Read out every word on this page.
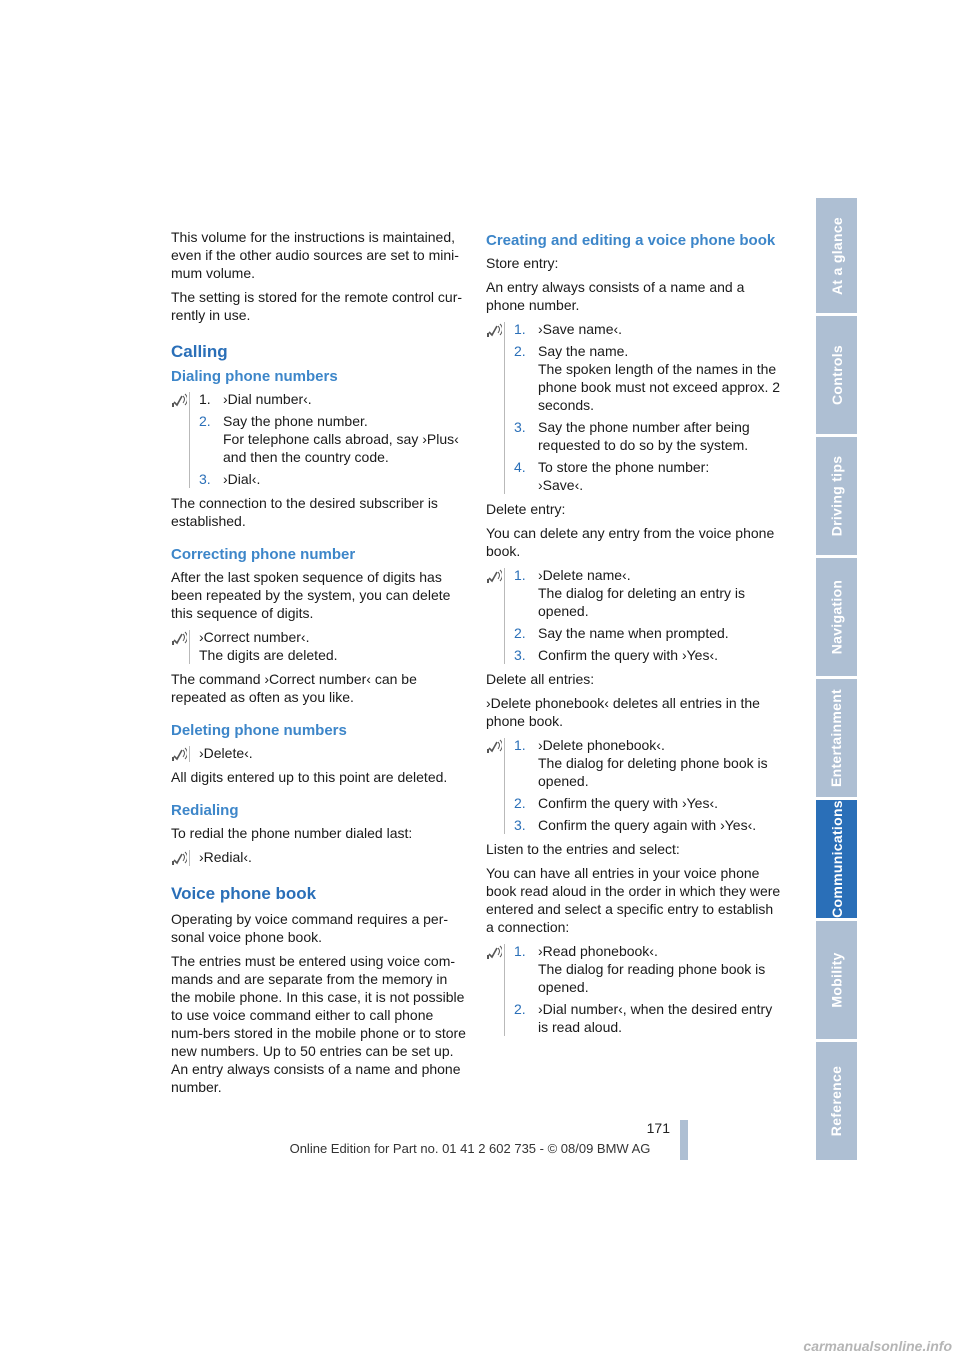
This volume for the instructions is maintained, even if the other audio sources are set to mini-mum volume.

The setting is stored for the remote control cur-rently in use.

Calling
Dialing phone numbers
1. ›Dial number‹.
2. Say the phone number.
For telephone calls abroad, say ›Plus‹ and then the country code.
3. ›Dial‹.

The connection to the desired subscriber is established.

Correcting phone number

After the last spoken sequence of digits has been repeated by the system, you can delete this sequence of digits.

›Correct number‹.
The digits are deleted.

The command ›Correct number‹ can be repeated as often as you like.

Deleting phone numbers
›Delete‹.

All digits entered up to this point are deleted.

Redialing

To redial the phone number dialed last:

›Redial‹.
Voice phone book

Operating by voice command requires a per-sonal voice phone book.

The entries must be entered using voice com-mands and are separate from the memory in the mobile phone. In this case, it is not possible to use voice command either to call phone num-bers stored in the mobile phone or to store new numbers. Up to 50 entries can be set up. An entry always consists of a name and phone number.

Creating and editing a voice phone book

Store entry:

An entry always consists of a name and a phone number.

1. ›Save name‹.
2. Say the name.
The spoken length of the names in the phone book must not exceed approx. 2 seconds.
3. Say the phone number after being requested to do so by the system.
4. To store the phone number:
›Save‹.

Delete entry:

You can delete any entry from the voice phone book.

1. ›Delete name‹.
The dialog for deleting an entry is opened.
2. Say the name when prompted.
3. Confirm the query with ›Yes‹.

Delete all entries:

›Delete phonebook‹ deletes all entries in the phone book.

1. ›Delete phonebook‹.
The dialog for deleting phone book is opened.
2. Confirm the query with ›Yes‹.
3. Confirm the query again with ›Yes‹.

Listen to the entries and select:

You can have all entries in your voice phone book read aloud in the order in which they were entered and select a specific entry to establish a connection:

1. ›Read phonebook‹.
The dialog for reading phone book is opened.
2. ›Dial number‹, when the desired entry is read aloud.
At a glance
Controls
Driving tips
Navigation
Entertainment
Communications
Mobility
Reference
171
Online Edition for Part no. 01 41 2 602 735 - © 08/09 BMW AG
carmanualsonline.info
